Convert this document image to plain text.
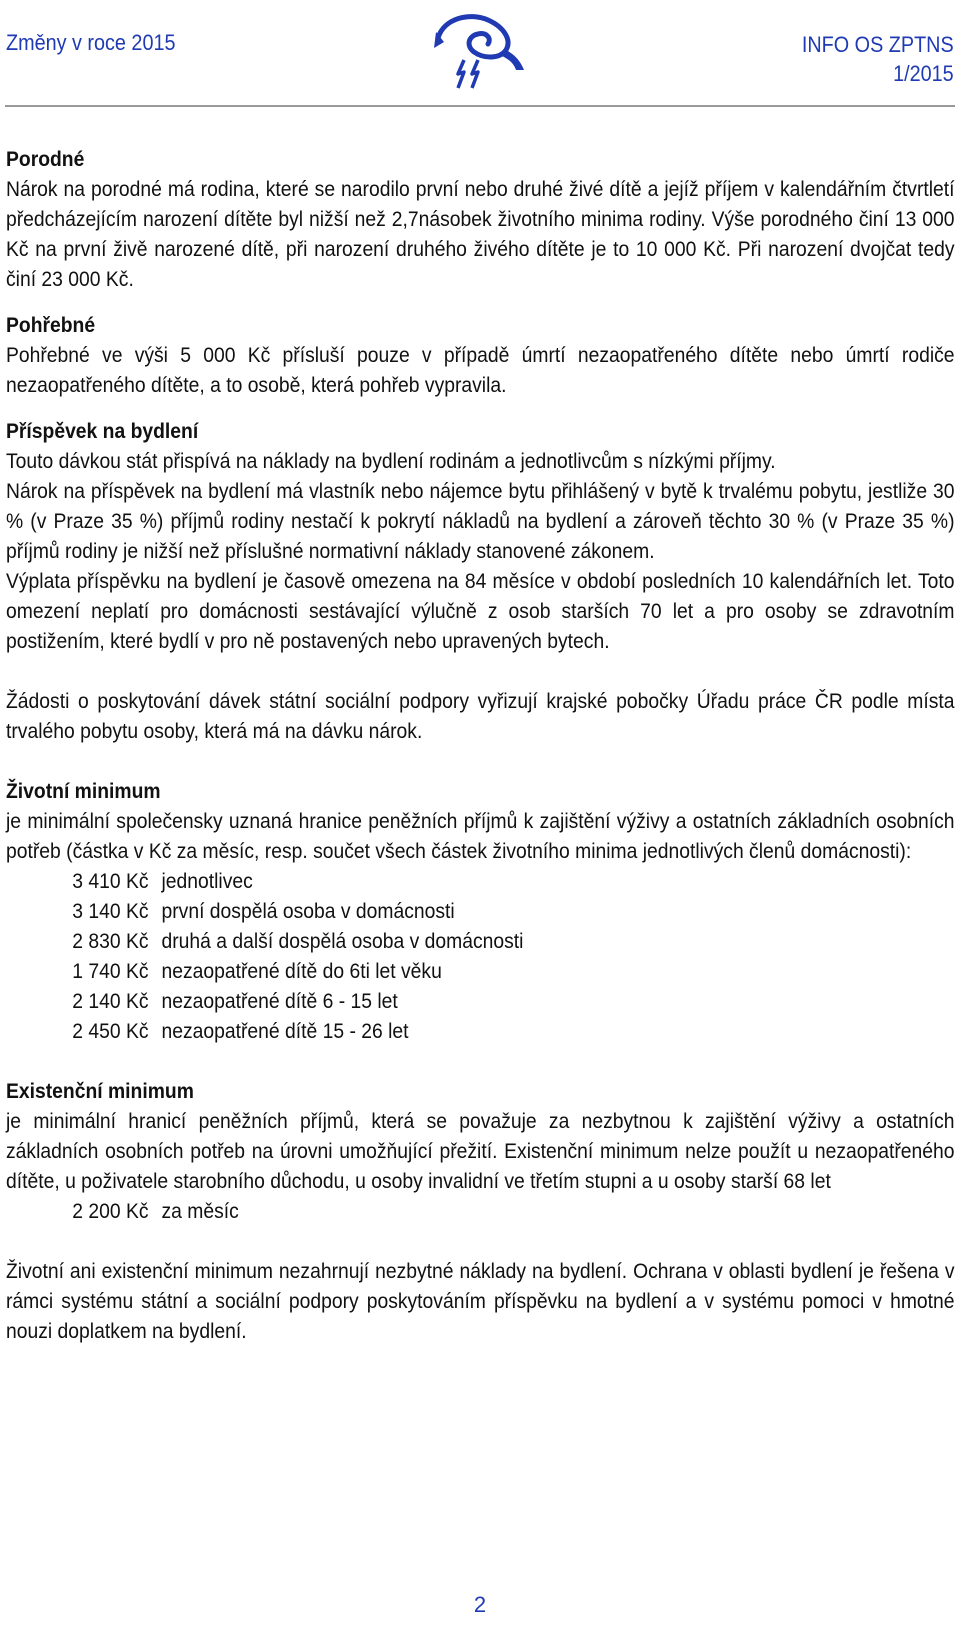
Změny v roce 2015	INFO OS ZPTNS
1/2015
Porodné

Nárok na porodné má rodina, které se narodilo první nebo druhé živé dítě a jejíž příjem v kalendářním čtvrtletí předcházejícím narození dítěte byl nižší než 2,7násobek životního minima rodiny. Výše porodného činí 13 000 Kč na první živě narozené dítě, při narození druhého živého dítěte je to 10 000 Kč. Při narození dvojčat tedy činí 23 000 Kč.

Pohřebné

Pohřebné ve výši 5 000 Kč přísluší pouze v případě úmrtí nezaopatřeného dítěte nebo úmrtí rodiče nezaopatřeného dítěte, a to osobě, která pohřeb vypravila.

Příspěvek na bydlení

Touto dávkou stát přispívá na náklady na bydlení rodinám a jednotlivcům s nízkými příjmy.

Nárok na příspěvek na bydlení má vlastník nebo nájemce bytu přihlášený v bytě k trvalému pobytu, jestliže 30 % (v Praze 35 %) příjmů rodiny nestačí k pokrytí nákladů na bydlení a zároveň těchto 30 % (v Praze 35 %) příjmů rodiny je nižší než příslušné normativní náklady stanovené zákonem.

Výplata příspěvku na bydlení je časově omezena na 84 měsíce v období posledních 10 kalendářních let. Toto omezení neplatí pro domácnosti sestávající výlučně z osob starších 70 let a pro osoby se zdravotním postižením, které bydlí v pro ně postavených nebo upravených bytech.

Žádosti o poskytování dávek státní sociální podpory vyřizují krajské pobočky Úřadu práce ČR podle místa trvalého pobytu osoby, která má na dávku nárok.

Životní minimum

je minimální společensky uznaná hranice peněžních příjmů k zajištění výživy a ostatních základních osobních potřeb (částka v Kč za měsíc, resp. součet všech částek životního minima jednotlivých členů domácnosti):

3 410 Kč jednotlivec
3 140 Kč první dospělá osoba v domácnosti
2 830 Kč druhá a další dospělá osoba v domácnosti
1 740 Kč nezaopatřené dítě do 6ti let věku
2 140 Kč nezaopatřené dítě 6 - 15 let
2 450 Kč nezaopatřené dítě 15 - 26 let
Existenční minimum

je minimální hranicí peněžních příjmů, která se považuje za nezbytnou k zajištění výživy a ostatních základních osobních potřeb na úrovni umožňující přežití. Existenční minimum nelze použít u nezaopatřeného dítěte, u poživatele starobního důchodu, u osoby invalidní ve třetím stupni a u osoby starší 68 let

2 200 Kč za měsíc

Životní ani existenční minimum nezahrnují nezbytné náklady na bydlení. Ochrana v oblasti bydlení je řešena v rámci systému státní a sociální podpory poskytováním příspěvku na bydlení a v systému pomoci v hmotné nouzi doplatkem na bydlení.

2
